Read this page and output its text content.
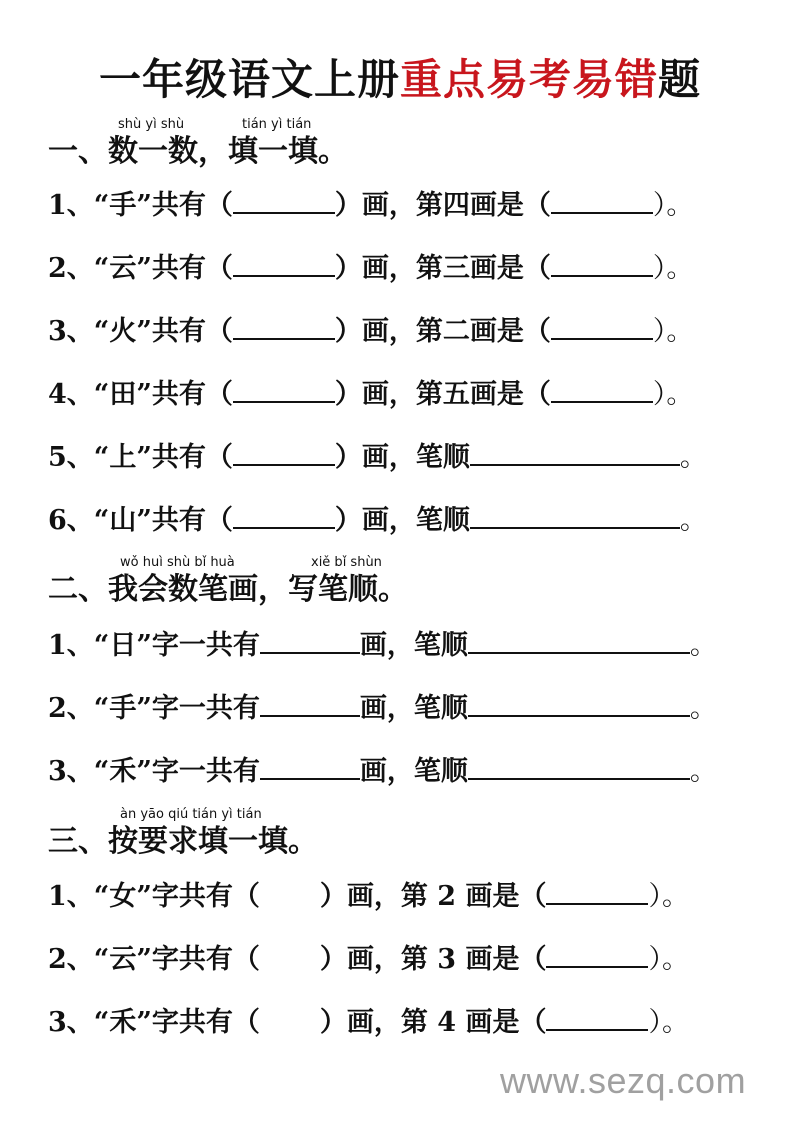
一年级语文上册重点易考易错题
shù yì shù	tián yì tián
一、数一数，填一填。
1、“手”共有（	）画，第四画是（	）。
2、“云”共有（	）画，第三画是（	）。
3、“火”共有（	）画，第二画是（	）。
4、“田”共有（	）画，第五画是（	）。
5、“上”共有（	）画，笔顺	。
6、“山”共有（	）画，笔顺	。
wǒ huì shù bǐ huà	xiě bǐ shùn
二、我会数笔画，写笔顺。
1、“日”字一共有	画，笔顺	。
2、“手”字一共有	画，笔顺	。
3、“禾”字一共有	画，笔顺	。
àn yāo qiú tián yì tián
三、按要求填一填。
1、“女”字共有（ ）画，第 2 画是（	）。
2、“云”字共有（ ）画，第 3 画是（	）。
3、“禾”字共有（ ）画，第 4 画是（	）。
www.sezq.com
